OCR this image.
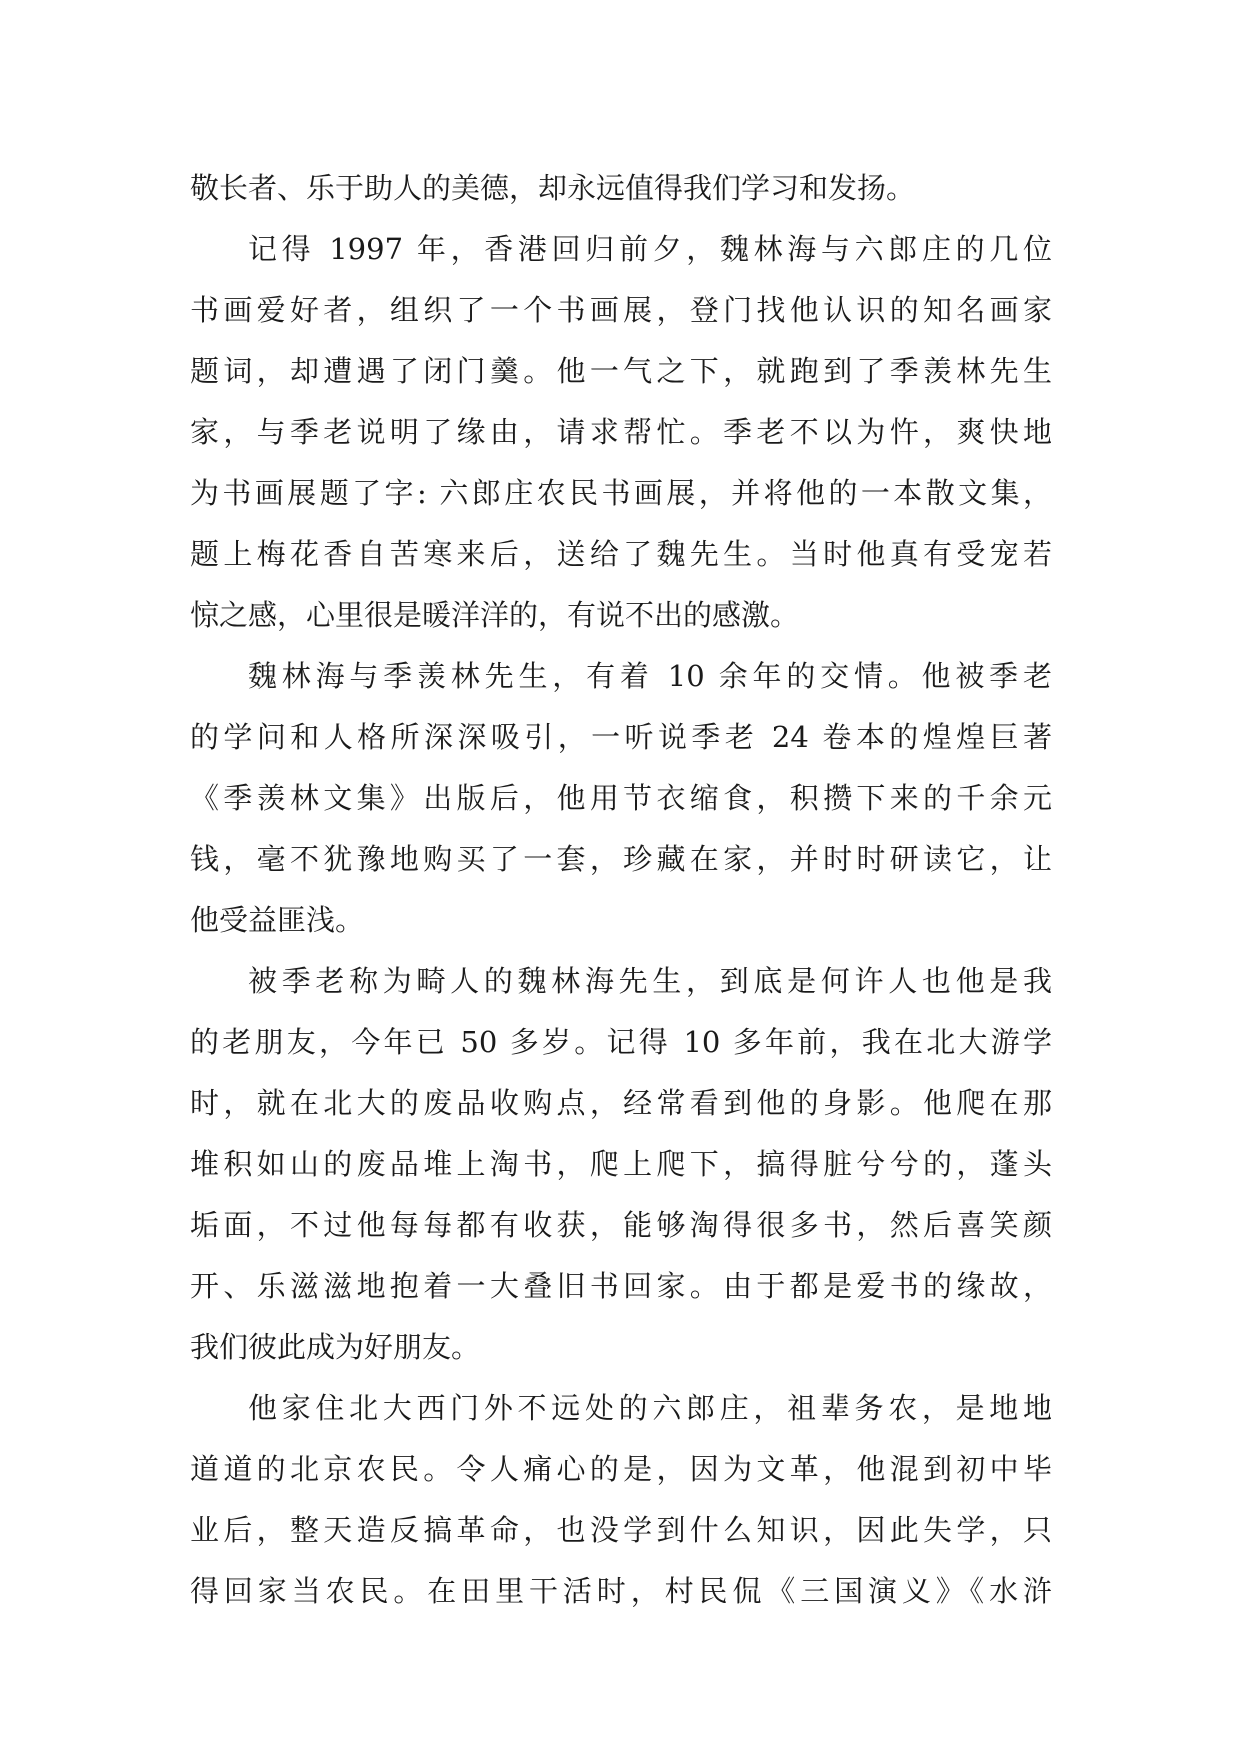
敬长者、乐于助人的美德，却永远值得我们学习和发扬。
记得 1997 年，香港回归前夕，魏林海与六郎庄的几位
书画爱好者，组织了一个书画展，登门找他认识的知名画家
题词，却遭遇了闭门羹。他一气之下，就跑到了季羡林先生
家，与季老说明了缘由，请求帮忙。季老不以为忤，爽快地
为书画展题了字: 六郎庄农民书画展，并将他的一本散文集，
题上梅花香自苦寒来后，送给了魏先生。当时他真有受宠若
惊之感，心里很是暖洋洋的，有说不出的感激。
魏林海与季羡林先生，有着 10 余年的交情。他被季老
的学问和人格所深深吸引，一听说季老 24 卷本的煌煌巨著
《季羡林文集》出版后，他用节衣缩食，积攒下来的千余元
钱，毫不犹豫地购买了一套，珍藏在家，并时时研读它，让
他受益匪浅。
被季老称为畸人的魏林海先生，到底是何许人也他是我
的老朋友，今年已 50 多岁。记得 10 多年前，我在北大游学
时，就在北大的废品收购点，经常看到他的身影。他爬在那
堆积如山的废品堆上淘书，爬上爬下，搞得脏兮兮的，蓬头
垢面，不过他每每都有收获，能够淘得很多书，然后喜笑颜
开、乐滋滋地抱着一大叠旧书回家。由于都是爱书的缘故，
我们彼此成为好朋友。
他家住北大西门外不远处的六郎庄，祖辈务农，是地地
道道的北京农民。令人痛心的是，因为文革，他混到初中毕
业后，整天造反搞革命，也没学到什么知识，因此失学，只
得回家当农民。在田里干活时，村民侃《三国演义》《水浒
